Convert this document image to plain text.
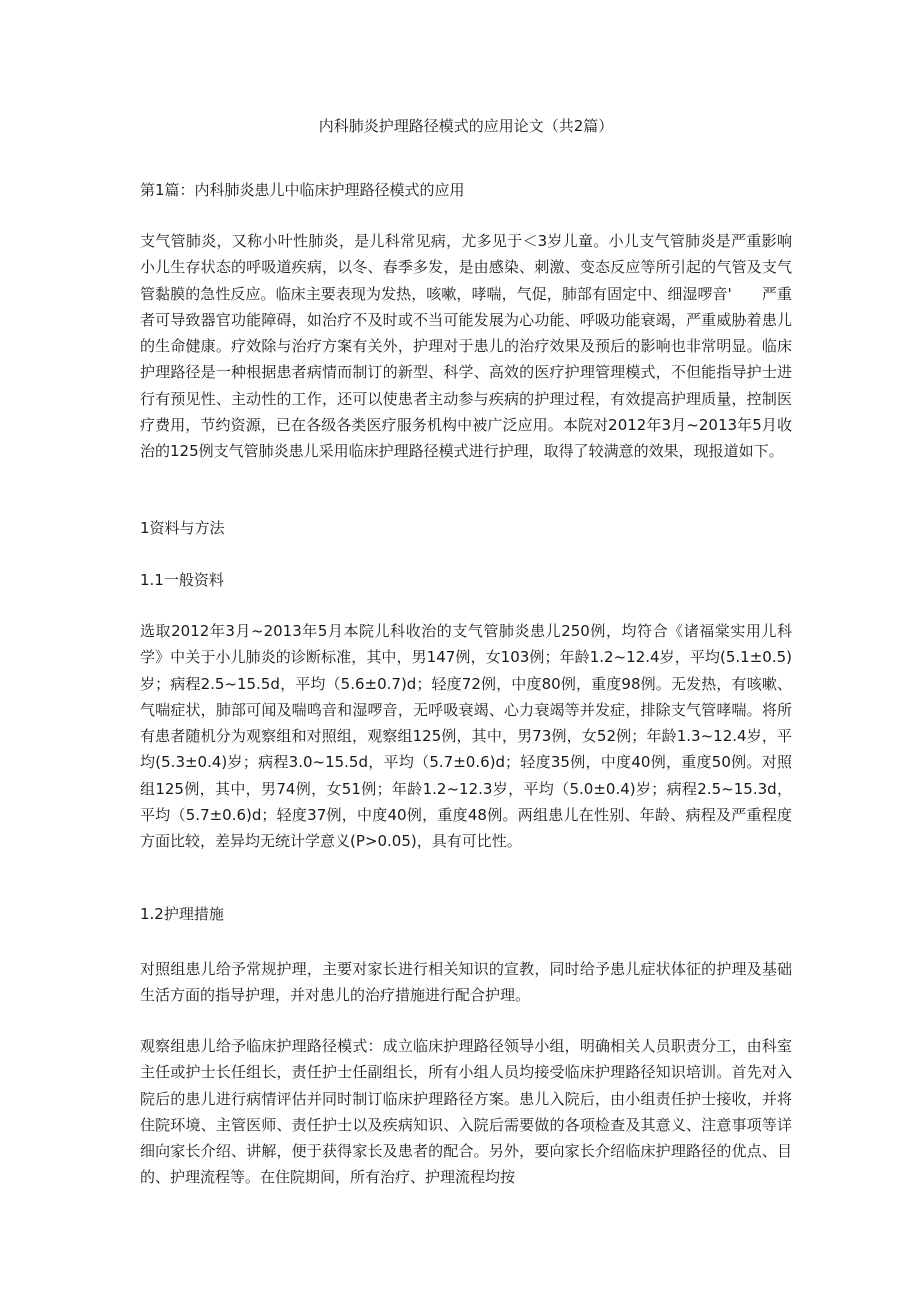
内科肺炎护理路径模式的应用论文（共2篇）
第1篇：内科肺炎患儿中临床护理路径模式的应用

支气管肺炎，又称小叶性肺炎，是儿科常见病，尤多见于＜3岁儿童。小儿支气管肺炎是严重影响小儿生存状态的呼吸道疾病，以冬、春季多发，是由感染、刺激、变态反应等所引起的气管及支气管黏膜的急性反应。临床主要表现为发热，咳嗽，哮喘，气促，肺部有固定中、细湿啰音'　　严重者可导致器官功能障碍，如治疗不及时或不当可能发展为心功能、呼吸功能衰竭，严重威胁着患儿的生命健康。疗效除与治疗方案有关外，护理对于患儿的治疗效果及预后的影响也非常明显。临床护理路径是一种根据患者病情而制订的新型、科学、高效的医疗护理管理模式，不但能指导护士进行有预见性、主动性的工作，还可以使患者主动参与疾病的护理过程，有效提高护理质量，控制医疗费用，节约资源，已在各级各类医疗服务机构中被广泛应用。本院对2012年3月~2013年5月收治的125例支气管肺炎患儿采用临床护理路径模式进行护理，取得了较满意的效果，现报道如下。

1资料与方法
1.1一般资料

选取2012年3月~2013年5月本院儿科收治的支气管肺炎患儿250例，均符合《诸福棠实用儿科学》中关于小儿肺炎的诊断标准，其中，男147例，女103例；年龄1.2~12.4岁，平均(5.1±0.5)岁；病程2.5~15.5d，平均（5.6±0.7)d；轻度72例，中度80例，重度98例。无发热，有咳嗽、气喘症状，肺部可闻及喘鸣音和湿啰音，无呼吸衰竭、心力衰竭等并发症，排除支气管哮喘。将所有患者随机分为观察组和对照组，观察组125例，其中，男73例，女52例；年龄1.3~12.4岁，平均(5.3±0.4)岁；病程3.0~15.5d，平均（5.7±0.6)d；轻度35例，中度40例，重度50例。对照组125例，其中，男74例，女51例；年龄1.2~12.3岁，平均（5.0±0.4)岁；病程2.5~15.3d，平均（5.7±0.6)d；轻度37例，中度40例，重度48例。两组患儿在性别、年龄、病程及严重程度方面比较，差异均无统计学意义(P>0.05)，具有可比性。

1.2护理措施

对照组患儿给予常规护理，主要对家长进行相关知识的宣教，同时给予患儿症状体征的护理及基础生活方面的指导护理，并对患儿的治疗措施进行配合护理。

观察组患儿给予临床护理路径模式：成立临床护理路径领导小组，明确相关人员职责分工，由科室主任或护士长任组长，责任护士任副组长，所有小组人员均接受临床护理路径知识培训。首先对入院后的患儿进行病情评估并同时制订临床护理路径方案。患儿入院后，由小组责任护士接收，并将住院环境、主管医师、责任护士以及疾病知识、入院后需要做的各项检查及其意义、注意事项等详细向家长介绍、讲解，便于获得家长及患者的配合。另外，要向家长介绍临床护理路径的优点、目的、护理流程等。在住院期间，所有治疗、护理流程均按
